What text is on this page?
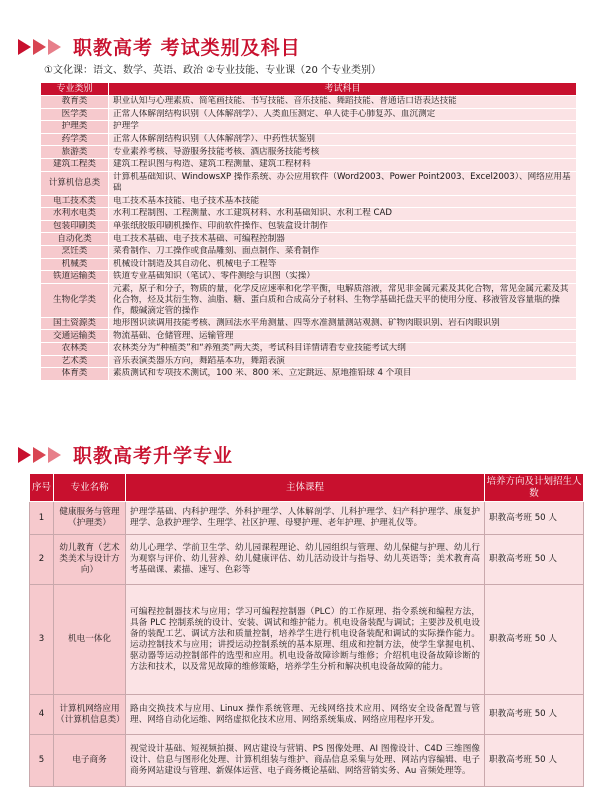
职教高考 考试类别及科目
①文化课：语文、数学、英语、政治 ②专业技能、专业课（20 个专业类别）
专业类别	考试科目
教育类	职业认知与心理素质、简笔画技能、书写技能、音乐技能、舞蹈技能、普通话口语表达技能
医学类	正常人体解剖结构识别（人体解剖学）、人类血压测定、单人徒手心肺复苏、血沉测定
护理类	护理学
药学类	正常人体解剖结构识别（人体解剖学）、中药性状鉴别
旅游类	专业素养考核、导游服务技能考核、酒店服务技能考核
建筑工程类	建筑工程识图与构造、建筑工程测量、建筑工程材料
计算机信息类	计算机基础知识、WindowsXP 操作系统、办公应用软件（Word2003、Power Point2003、Excel2003）、网络应用基础
电工技术类	电工技术基本技能、电子技术基本技能
水利水电类	水利工程制图、工程测量、水工建筑材料、水利基础知识、水利工程 CAD
包装印刷类	单张纸胶版印刷机操作、印前软件操作、包装盒设计制作
自动化类	电工技术基础、电子技术基础、可编程控制器
烹饪类	菜肴制作、刀工操作或食品雕刻、面点制作、菜肴制作
机械类	机械设计制造及其自动化、机械电子工程等
铁道运输类	铁道专业基础知识（笔试）、零件测绘与识图（实操）
生物化学类	元素，原子和分子，物质的量，化学反应速率和化学平衡，电解质溶液，常见非金属元素及其化合物，常见金属元素及其化合物，烃及其衍生物、油脂、糖、蛋白质和合成高分子材料、生物学基础托盘天平的使用分度、移液管及容量瓶的操作，酸碱滴定管的操作
国土资源类	地形图识读调用技能考核、测回法水平角测量、四等水准测量测站观测、矿物肉眼识别、岩石肉眼识别
交通运输类	物流基础、仓储管理、运输管理
农林类	农林类分为“种植类”和“养殖类”两大类，考试科目详情请看专业技能考试大纲
艺术类	音乐表演类器乐方向，舞蹈基本功，舞蹈表演
体育类	素质测试和专项技术测试，100 米、800 米、立定跳远、原地推铅球 4 个项目
职教高考升学专业
序号	专业名称	主体课程	培养方向及计划招生人数
1	健康服务与管理（护理类）	护理学基础、内科护理学、外科护理学、人体解剖学、儿科护理学、妇产科护理学、康复护理学、急救护理学、生理学、社区护理、母婴护理、老年护理、护理礼仪等。	职教高考班 50 人
2	幼儿教育（艺术类美术与设计方向）	幼儿心理学、学前卫生学、幼儿园课程理论、幼儿园组织与管理、幼儿保健与护理、幼儿行为观察与评价、幼儿营养、幼儿健康评估、幼儿活动设计与指导、幼儿英语等；美术教育高考基础课、素描、速写、色彩等	职教高考班 50 人
3	机电一体化	可编程控制器技术与应用；学习可编程控制器（PLC）的工作原理、指令系统和编程方法，具备 PLC 控制系统的设计、安装、调试和维护能力。机电设备装配与调试；主要涉及机电设备的装配工艺、调试方法和质量控制，培养学生进行机电设备装配和调试的实际操作能力。运动控制技术与应用；讲授运动控制系统的基本原理、组成和控制方法，使学生掌握电机、驱动器等运动控制部件的选型和应用。机电设备故障诊断与维修；介绍机电设备故障诊断的方法和技术，以及常见故障的维修策略，培养学生分析和解决机电设备故障的能力。	职教高考班 50 人
4	计算机网络应用（计算机信息类）	路由交换技术与应用、Linux 操作系统管理、无线网络技术应用、网络安全设备配置与管理、网络自动化运维、网络虚拟化技术应用、网络系统集成、网络应用程序开发。	职教高考班 50 人
5	电子商务	视觉设计基础、短视频拍摄、网店建设与营销、PS 图像处理、AI 图像设计、C4D 三维图像设计、信息与图形化处理、计算机组装与维护、商品信息采集与处理、网站内容编辑、电子商务网站建设与管理、新媒体运营、电子商务概论基础、网络营销实务、Au 音频处理等。	职教高考班 50 人
